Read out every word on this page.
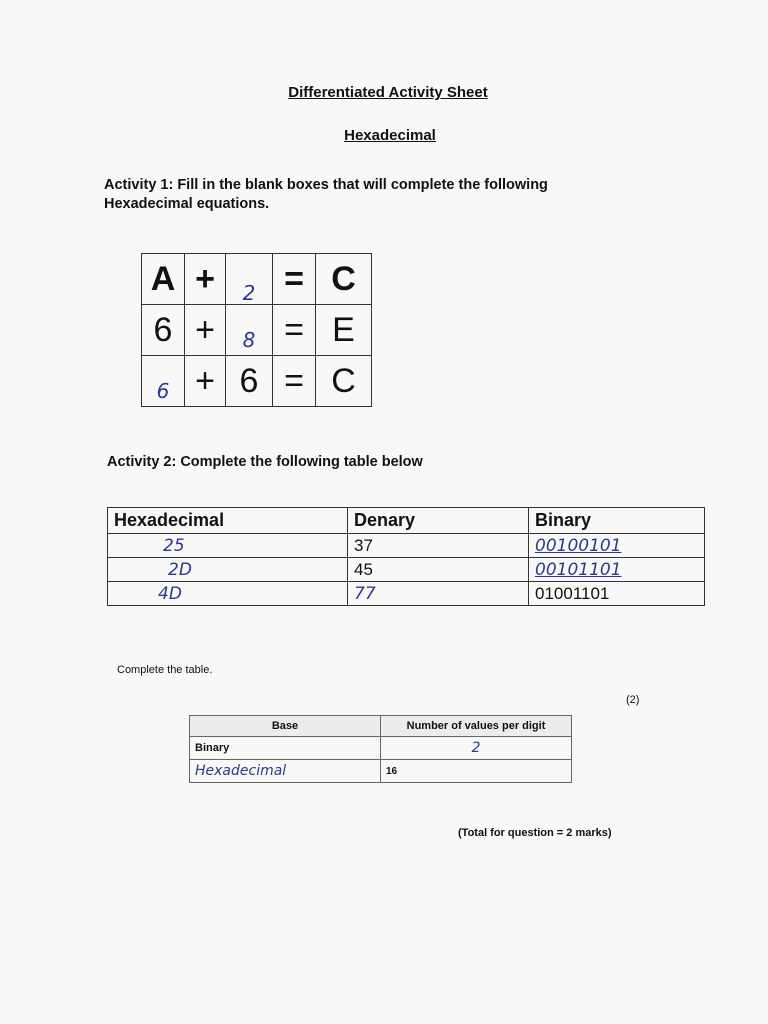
Differentiated Activity Sheet
Hexadecimal
Activity 1: Fill in the blank boxes that will complete the following
Hexadecimal equations.
A	+	$_2$	=	C
6	+	8	=	E
6	+	6	=	C
Activity 2: Complete the following table below
Hexadecimal	Denary	Binary
25	37	00100101
2D	45	00101101
4D	77	01001101
Complete the table.
(2)
Base	Number of values per digit
Binary	2
Hexadecimal	16
(Total for question = 2 marks)
